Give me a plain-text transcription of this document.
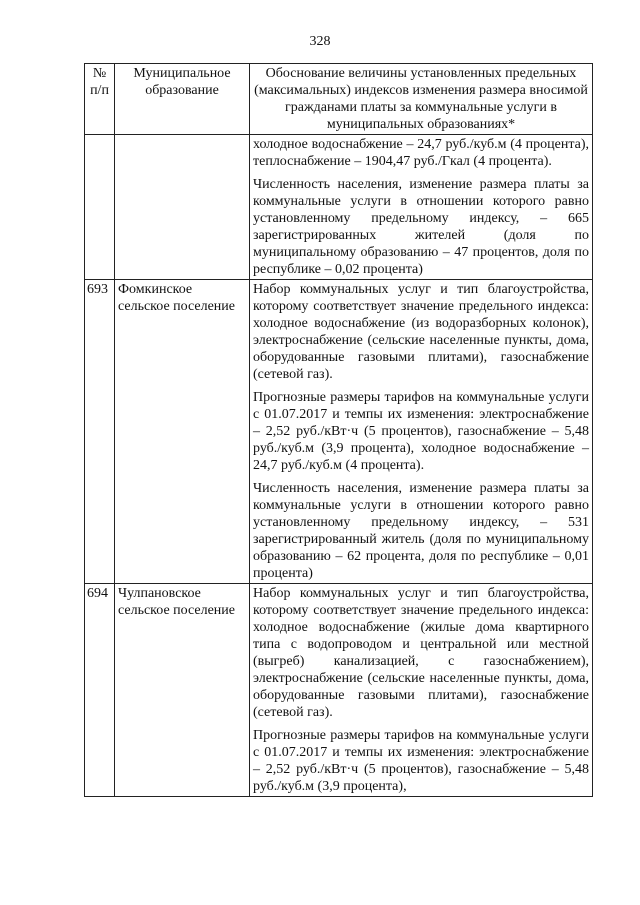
328
№ п/п	Муниципальное образование	Обоснование величины установленных предельных (максимальных) индексов изменения размера вносимой гражданами платы за коммунальные услуги в муниципальных образованиях*

		холодное водоснабжение – 24,7 руб./куб.м (4 процента), теплоснабжение – 1904,47 руб./Гкал (4 процента).

Численность населения, изменение размера платы за коммунальные услуги в отношении которого равно установленному предельному индексу, – 665 зарегистрированных жителей (доля по муниципальному образованию – 47 процентов, доля по республике – 0,02 процента)

693	Фомкинское сельское поселение	Набор коммунальных услуг и тип благоустройства, которому соответствует значение предельного индекса: холодное водоснабжение (из водоразборных колонок), электроснабжение (сельские населенные пункты, дома, оборудованные газовыми плитами), газоснабжение (сетевой газ).

Прогнозные размеры тарифов на коммунальные услуги с 01.07.2017 и темпы их изменения: электроснабжение – 2,52 руб./кВт·ч (5 процентов), газоснабжение – 5,48 руб./куб.м (3,9 процента), холодное водоснабжение – 24,7 руб./куб.м (4 процента).

Численность населения, изменение размера платы за коммунальные услуги в отношении которого равно установленному предельному индексу, – 531 зарегистрированный житель (доля по муниципальному образованию – 62 процента, доля по республике – 0,01 процента)

694	Чулпановское сельское поселение	Набор коммунальных услуг и тип благоустройства, которому соответствует значение предельного индекса: холодное водоснабжение (жилые дома квартирного типа с водопроводом и центральной или местной (выгреб) канализацией, с газоснабжением), электроснабжение (сельские населенные пункты, дома, оборудованные газовыми плитами), газоснабжение (сетевой газ).

Прогнозные размеры тарифов на коммунальные услуги с 01.07.2017 и темпы их изменения: электроснабжение – 2,52 руб./кВт·ч (5 процентов), газоснабжение – 5,48 руб./куб.м (3,9 процента),
